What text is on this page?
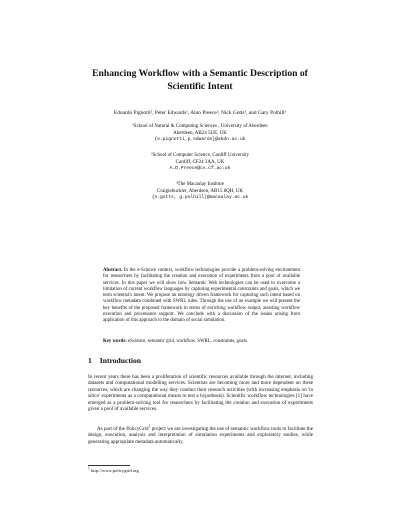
Enhancing Workflow with a Semantic Description of
Scientific Intent
Edoardo Pignotti¹, Peter Edwards¹, Alun Preece², Nick Gotts³, and Gary Polhill³
¹School of Natural & Computing Sciences , University of Aberdeen
Aberdeen, AB24 5UE, UK
{e.pignotti,p.edwards}@abdn.ac.uk
²School of Computer Science, Cardiff University
Cardiff, CF24 3AA, UK
A.D.Preece@cs.cf.ac.uk
³The Macaulay Institute
Craigiebuckler, Aberdeen, AB15 8QH, UK
{n.gotts, g.polhill}@macaulay.ac.uk
Abstract. In the e-Science context, workflow technologies provide a problem-solving environment for researchers by facilitating the creation and execution of experiments from a pool of available services. In this paper we will show how Semantic Web technologies can be used to overcome a limitation of current workflow languages by capturing experimental constraints and goals, which we term scientist's intent. We propose an ontology driven framework for capturing such intent based on workflow metadata combined with SWRL rules. Through the use of an example we will present the key benefits of the proposed framework in terms of enriching workflow output, assisting workflow execution and provenance support. We conclude with a discussion of the issues arising from application of this approach to the domain of social simulation.
Key words: eScience, semantic grid, workflow, SWRL, constraints, goals.
1 Introduction
In recent years there has been a proliferation of scientific resources available through the internet, including datasets and computational modelling services. Scientists are becoming more and more dependent on these resources, which are changing the way they conduct their research activities (with increasing emphasis on 'in silico' experiments as a computational means to test a hypothesis). Scientific workflow technologies [1] have emerged as a problem-solving tool for researchers by facilitating the creation and execution of experiments given a pool of available services.
As part of the PolicyGrid$^1$ project we are investigating the use of semantic workflow tools to facilitate the design, execution, analysis and interpretation of simulation experiments and exploratory studies, while generating appropriate metadata automatically.
$^1$ http://www.policygrid.org
